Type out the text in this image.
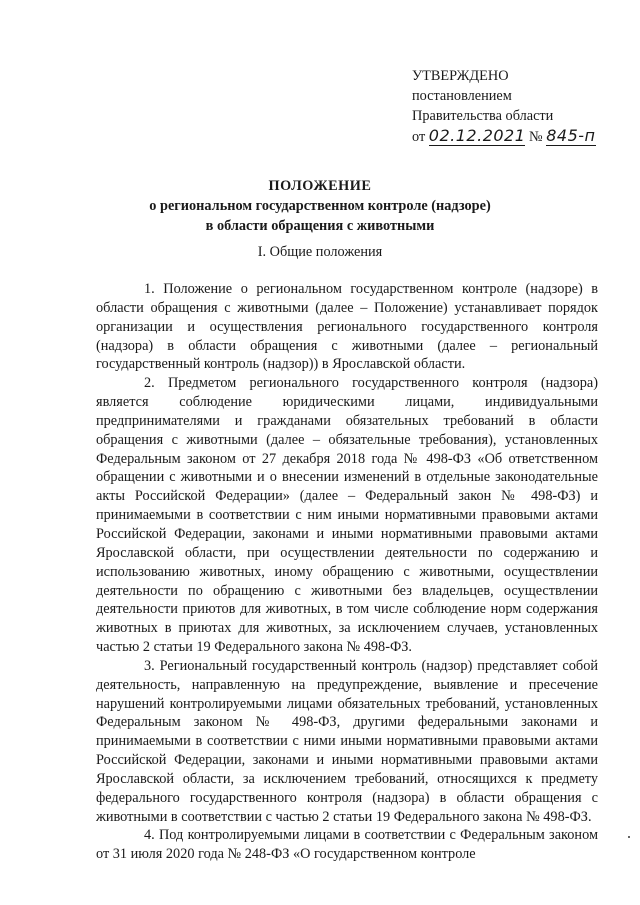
УТВЕРЖДЕНО
постановлением
Правительства области
от 02.12.2021 № 845-п
ПОЛОЖЕНИЕ
о региональном государственном контроле (надзоре)
в области обращения с животными
I. Общие положения

1. Положение о региональном государственном контроле (надзоре) в области обращения с животными (далее – Положение) устанавливает порядок организации и осуществления регионального государственного контроля (надзора) в области обращения с животными (далее – региональный государственный контроль (надзор)) в Ярославской области.

2. Предметом регионального государственного контроля (надзора) является соблюдение юридическими лицами, индивидуальными предпринимателями и гражданами обязательных требований в области обращения с животными (далее – обязательные требования), установленных Федеральным законом от 27 декабря 2018 года № 498-ФЗ «Об ответственном обращении с животными и о внесении изменений в отдельные законодательные акты Российской Федерации» (далее – Федеральный закон № 498-ФЗ) и принимаемыми в соответствии с ним иными нормативными правовыми актами Российской Федерации, законами и иными нормативными правовыми актами Ярославской области, при осуществлении деятельности по содержанию и использованию животных, иному обращению с животными, осуществлении деятельности по обращению с животными без владельцев, осуществлении деятельности приютов для животных, в том числе соблюдение норм содержания животных в приютах для животных, за исключением случаев, установленных частью 2 статьи 19 Федерального закона № 498-ФЗ.

3. Региональный государственный контроль (надзор) представляет собой деятельность, направленную на предупреждение, выявление и пресечение нарушений контролируемыми лицами обязательных требований, установленных Федеральным законом № 498-ФЗ, другими федеральными законами и принимаемыми в соответствии с ними иными нормативными правовыми актами Российской Федерации, законами и иными нормативными правовыми актами Ярославской области, за исключением требований, относящихся к предмету федерального государственного контроля (надзора) в области обращения с животными в соответствии с частью 2 статьи 19 Федерального закона № 498-ФЗ.

4. Под контролируемыми лицами в соответствии с Федеральным законом от 31 июля 2020 года № 248-ФЗ «О государственном контроле
